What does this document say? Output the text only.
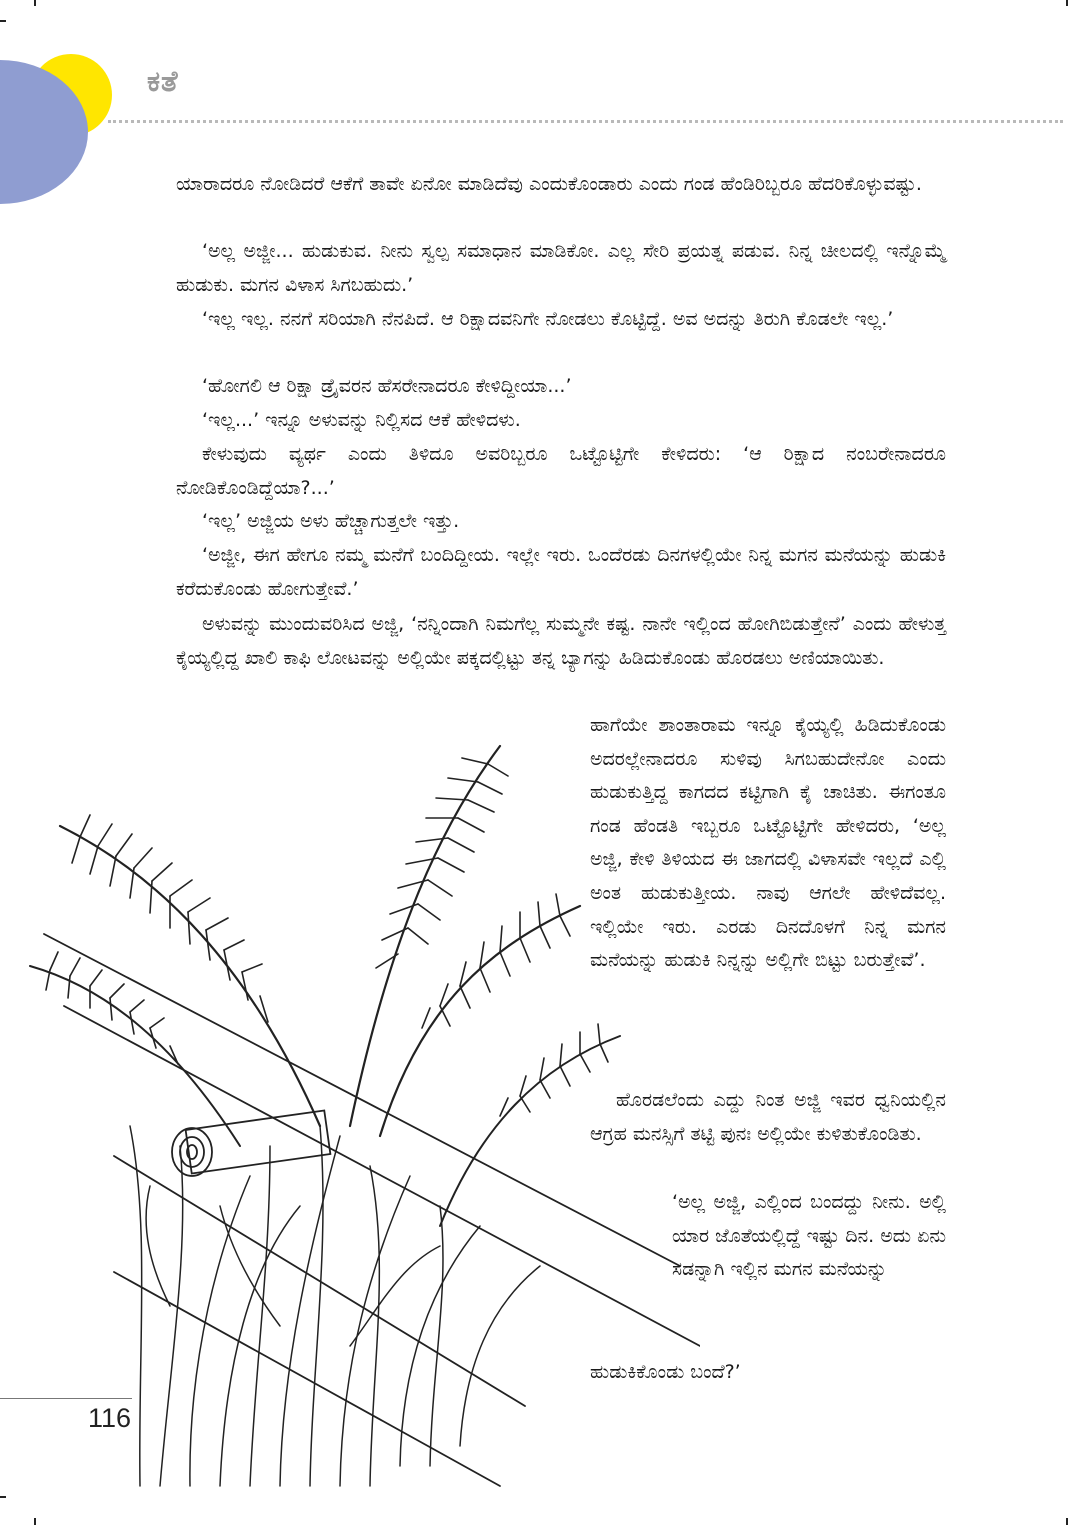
ಕತೆ

ಯಾರಾದರೂ ನೋಡಿದರೆ ಆಕೆಗೆ ತಾವೇ ಏನೋ ಮಾಡಿದೆವು ಎಂದುಕೊಂಡಾರು ಎಂದು ಗಂಡ ಹೆಂಡಿರಿಬ್ಬರೂ ಹೆದರಿಕೊಳ್ಳುವಷ್ಟು.

‘ಅಲ್ಲ ಅಜ್ಜೀ... ಹುಡುಕುವ. ನೀನು ಸ್ವಲ್ಪ ಸಮಾಧಾನ ಮಾಡಿಕೋ. ಎಲ್ಲ ಸೇರಿ ಪ್ರಯತ್ನ ಪಡುವ. ನಿನ್ನ ಚೀಲದಲ್ಲಿ ಇನ್ನೊಮ್ಮೆ ಹುಡುಕು. ಮಗನ ವಿಳಾಸ ಸಿಗಬಹುದು.’

‘ಇಲ್ಲ ಇಲ್ಲ. ನನಗೆ ಸರಿಯಾಗಿ ನೆನಪಿದೆ. ಆ ರಿಕ್ಷಾದವನಿಗೇ ನೋಡಲು ಕೊಟ್ಟಿದ್ದೆ. ಅವ ಅದನ್ನು ತಿರುಗಿ ಕೊಡಲೇ ಇಲ್ಲ.’

‘ಹೋಗಲಿ ಆ ರಿಕ್ಷಾ ಡ್ರೈವರನ ಹೆಸರೇನಾದರೂ ಕೇಳಿದ್ದೀಯಾ...’

‘ಇಲ್ಲ...’ ಇನ್ನೂ ಅಳುವನ್ನು ನಿಲ್ಲಿಸದ ಆಕೆ ಹೇಳಿದಳು.

ಕೇಳುವುದು ವ್ಯರ್ಥ ಎಂದು ತಿಳಿದೂ ಅವರಿಬ್ಬರೂ ಒಟ್ಟೊಟ್ಟಿಗೇ ಕೇಳಿದರು: ‘ಆ ರಿಕ್ಷಾದ ನಂಬರೇನಾದರೂ ನೋಡಿಕೊಂಡಿದ್ದೆಯಾ?...’

‘ಇಲ್ಲ’ ಅಜ್ಜಿಯ ಅಳು ಹೆಚ್ಚಾಗುತ್ತಲೇ ಇತ್ತು.

‘ಅಜ್ಜೀ, ಈಗ ಹೇಗೂ ನಮ್ಮ ಮನೆಗೆ ಬಂದಿದ್ದೀಯ. ಇಲ್ಲೇ ಇರು. ಒಂದೆರಡು ದಿನಗಳಲ್ಲಿಯೇ ನಿನ್ನ ಮಗನ ಮನೆಯನ್ನು ಹುಡುಕಿ ಕರೆದುಕೊಂಡು ಹೋಗುತ್ತೇವೆ.’

ಅಳುವನ್ನು ಮುಂದುವರಿಸಿದ ಅಜ್ಜಿ, ‘ನನ್ನಿಂದಾಗಿ ನಿಮಗೆಲ್ಲ ಸುಮ್ಮನೇ ಕಷ್ಟ. ನಾನೇ ಇಲ್ಲಿಂದ ಹೋಗಿಬಿಡುತ್ತೇನೆ’ ಎಂದು ಹೇಳುತ್ತ ಕೈಯ್ಯಲ್ಲಿದ್ದ ಖಾಲಿ ಕಾಫಿ ಲೋಟವನ್ನು ಅಲ್ಲಿಯೇ ಪಕ್ಕದಲ್ಲಿಟ್ಟು ತನ್ನ ಬ್ಯಾಗನ್ನು ಹಿಡಿದುಕೊಂಡು ಹೊರಡಲು ಅಣಿಯಾಯಿತು.

ಹಾಗೆಯೇ ಶಾಂತಾರಾಮ ಇನ್ನೂ ಕೈಯ್ಯಲ್ಲಿ ಹಿಡಿದುಕೊಂಡು ಅದರಲ್ಲೇನಾದರೂ ಸುಳಿವು ಸಿಗಬಹುದೇನೋ ಎಂದು ಹುಡುಕುತ್ತಿದ್ದ ಕಾಗದದ ಕಟ್ಟಿಗಾಗಿ ಕೈ ಚಾಚಿತು. ಈಗಂತೂ ಗಂಡ ಹೆಂಡತಿ ಇಬ್ಬರೂ ಒಟ್ಟೊಟ್ಟಿಗೇ ಹೇಳಿದರು, ‘ಅಲ್ಲ ಅಜ್ಜಿ, ಕೇಳಿ ತಿಳಿಯದ ಈ ಜಾಗದಲ್ಲಿ ವಿಳಾಸವೇ ಇಲ್ಲದೆ ಎಲ್ಲಿ ಅಂತ ಹುಡುಕುತ್ತೀಯ. ನಾವು ಆಗಲೇ ಹೇಳಿದೆವಲ್ಲ. ಇಲ್ಲಿಯೇ ಇರು. ಎರಡು ದಿನದೊಳಗೆ ನಿನ್ನ ಮಗನ ಮನೆಯನ್ನು ಹುಡುಕಿ ನಿನ್ನನ್ನು ಅಲ್ಲಿಗೇ ಬಿಟ್ಟು ಬರುತ್ತೇವೆ’.

ಹೊರಡಲೆಂದು ಎದ್ದು ನಿಂತ ಅಜ್ಜಿ ಇವರ ಧ್ವನಿಯಲ್ಲಿನ ಆಗ್ರಹ ಮನಸ್ಸಿಗೆ ತಟ್ಟಿ ಪುನಃ ಅಲ್ಲಿಯೇ ಕುಳಿತುಕೊಂಡಿತು.

‘ಅಲ್ಲ ಅಜ್ಜಿ, ಎಲ್ಲಿಂದ ಬಂದದ್ದು ನೀನು. ಅಲ್ಲಿ ಯಾರ ಜೊತೆಯಲ್ಲಿದ್ದೆ ಇಷ್ಟು ದಿನ. ಅದು ಏನು ಸಡನ್ನಾಗಿ ಇಲ್ಲಿನ ಮಗನ ಮನೆಯನ್ನು

ಹುಡುಕಿಕೊಂಡು ಬಂದೆ?’

116
